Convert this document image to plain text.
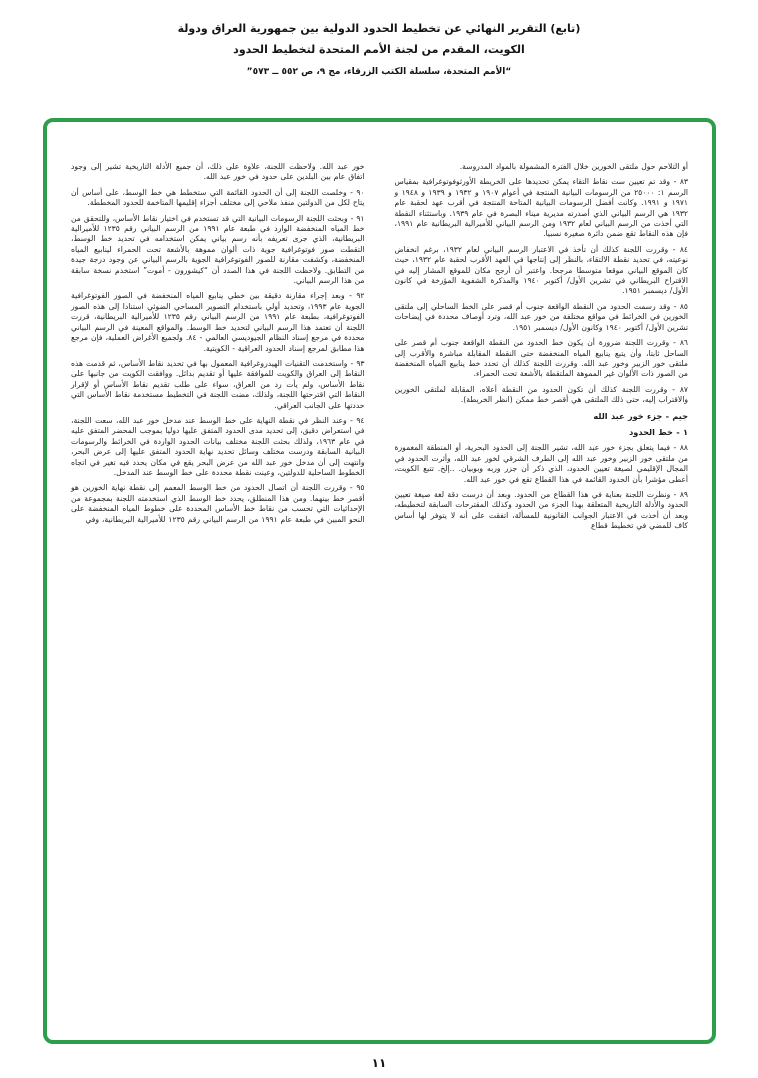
(تابع) التقرير النهائي عن تخطيط الحدود الدولية بين جمهورية العراق ودولة
الكويت، المقدم من لجنة الأمم المتحدة لتخطيط الحدود
“الأمم المتحدة، سلسلة الكتب الزرقاء، مج ٩، ص ٥٥٢ ــ ٥٧٣”

أو التلاحم حول ملتقى الخورين خلال الفترة المشمولة بالمواد المدروسة.

٨٣ - وقد تم تعيين ست نقاط التقاء يمكن تحديدها على الخريطة الأورثوفوتوغرافية بمقياس الرسم ١: ٢٥٠٠٠ من الرسومات البيانية المنتجة في أعوام ١٩٠٧ و ١٩٣٢ و ١٩٣٩ و ١٩٤٨ و ١٩٧١ و ١٩٩١. وكانت أفضل الرسومات البيانية المتاحة المنتجة في أقرب عهد لحقبة عام ١٩٣٢ هي الرسم البياني الذي أصدرته مديرية ميناء البصرة في عام ١٩٣٩. وباستثناء النقطة التي أخذت من الرسم البياني لعام ١٩٣٢ ومن الرسم البياني للأميرالية البريطانية عام ١٩٩١، فإن هذه النقاط تقع ضمن دائرة صغيرة نسبيا.

٨٤ - وقررت اللجنة كذلك أن تأخذ في الاعتبار الرسم البياني لعام ١٩٣٢، برغم انخفاض نوعيته، في تحديد نقطة الالتقاء، بالنظر إلى إنتاجها في العهد الأقرب لحقبة عام ١٩٣٢، حيث كان الموقع البياني موقعا متوسطا مرجحا. واعتبر أن أرجح مكان للموقع المشار إليه في الاقتراح البريطاني في تشرين الأول/ أكتوبر ١٩٤٠ والمذكرة الشفوية المؤرخة في كانون الأول/ ديسمبر ١٩٥١.

٨٥ - وقد رسمت الحدود من النقطة الواقعة جنوب أم قصر على الخط الساحلي إلى ملتقى الخورين في الخرائط في مواقع مختلفة من خور عبد الله، وترد أوصاف محددة في إيضاحات تشرين الأول/ أكتوبر ١٩٤٠ وكانون الأول/ ديسمبر ١٩٥١.

٨٦ - وقررت اللجنة ضرورة أن يكون خط الحدود من النقطة الواقعة جنوب أم قصر على الساحل ثابتا، وأن يتبع ينابيع المياه المنخفضة حتى النقطة المقابلة مباشرة والأقرب إلى ملتقى خور الزبير وخور عبد الله. وقررت اللجنة كذلك أن تحدد خط ينابيع المياه المنخفضة من الصور ذات الألوان غير المموهة الملتقطة بالأشعة تحت الحمراء.

٨٧ - وقررت اللجنة كذلك أن تكون الحدود من النقطة أعلاه، المقابلة لملتقى الخورين والاقتراب إليه، حتى ذلك الملتقى هي أقصر خط ممكن (انظر الخريطة).

جيم - جزء خور عبد الله

١ - خط الحدود

٨٨ - فيما يتعلق بجزء خور عبد الله، تشير اللجنة إلى الحدود البحرية، أو المنطقة المغمورة من ملتقى خور الزبير وخور عبد الله إلى الطرف الشرقي لخور عبد الله، وأثرت الحدود في المجال الإقليمي لصيغة تعيين الحدود، الذي ذكر أن جزر وربه وبوبيان. ..إلخ. تتبع الكويت، أعطى مؤشرا بأن الحدود القائمة في هذا القطاع تقع في خور عبد الله.

٨٩ - ونظرت اللجنة بعناية في هذا القطاع من الحدود. وبعد أن درست دقة لغة صيغة تعيين الحدود والأدلة التاريخية المتعلقة بهذا الجزء من الحدود وكذلك المقترحات السابقة لتخطيطه، وبعد أن أخذت في الاعتبار الجوانب القانونية للمسألة، اتفقت على أنه لا يتوفر لها أساس كاف للمضي في تخطيط قطاع

خور عبد الله. ولاحظت اللجنة، علاوة على ذلك، أن جميع الأدلة التاريخية تشير إلى وجود اتفاق عام بين البلدين على حدود في خور عبد الله.

٩٠ - وخلصت اللجنة إلى أن الحدود القائمة التي ستخطط هي خط الوسط، على أساس أن يتاح لكل من الدولتين منفذ ملاحي إلى مختلف أجزاء إقليمها المتاخمة للحدود المخططة.

٩١ - وبحثت اللجنة الرسومات البيانية التي قد تستخدم في اختيار نقاط الأساس، وللتحقق من خط المياه المنخفضة الوارد في طبعة عام ١٩٩١ من الرسم البياني رقم ١٢٣٥ للأميرالية البريطانية، الذي جرى تعريفه بأنه رسم بياني يمكن استخدامه في تحديد خط الوسط، التقطت صور فوتوغرافية جوية ذات ألوان مموهة بالأشعة تحت الحمراء لينابيع المياه المنخفضة، وكشفت مقارنة للصور الفوتوغرافية الجوية بالرسم البياني عن وجود درجة جيدة من التطابق. ولاحظت اللجنة في هذا الصدد أن “كيشورون - أموت” استخدم نسخة سابقة من هذا الرسم البياني.

٩٢ - وبعد إجراء مقارنة دقيقة بين خطي ينابيع المياه المنخفضة في الصور الفوتوغرافية الجوية عام ١٩٩٣، وتحديد أولي باستخدام التصوير المساحي الضوئي استنادا إلى هذه الصور الفوتوغرافية، بطبعة عام ١٩٩١ من الرسم البياني رقم ١٢٣٥ للأميرالية البريطانية، قررت اللجنة أن تعتمد هذا الرسم البياني لتحديد خط الوسط. والمواقع المعينة في الرسم البياني محددة في مرجع إسناد النظام الجيوديسي العالمي - ٨٤. ولجميع الأغراض العملية، فإن مرجع هذا مطابق لمرجع إسناد الحدود العراقية - الكويتية.

٩٣ - واستخدمت التقنيات الهيدروغرافية المعمول بها في تحديد نقاط الأساس، ثم قدمت هذه النقاط إلى العراق والكويت للموافقة عليها أو تقديم بدائل. ووافقت الكويت من جانبها على نقاط الأساس، ولم يأت رد من العراق، سواء على طلب تقديم نقاط الأساس أو لإقرار النقاط التي اقترحتها اللجنة، ولذلك، مضت اللجنة في التخطيط مستخدمة نقاط الأساس التي حددتها على الجانب العراقي.

٩٤ - وعند النظر في نقطة النهاية على خط الوسط عند مدخل خور عبد الله، سعت اللجنة، في استعراض دقيق، إلى تحديد مدى الحدود المتفق عليها دوليا بموجب المحضر المتفق عليه في عام ١٩٦٣، ولذلك بحثت اللجنة مختلف بيانات الحدود الواردة في الخرائط والرسومات البيانية السابقة ودرست مختلف وسائل تحديد نهاية الحدود المتفق عليها إلى عرض البحر، وانتهت إلى أن مدخل خور عبد الله من عرض البحر يقع في مكان يحدد فيه تغير في اتجاه الخطوط الساحلية للدولتين، وعينت نقطة محددة على خط الوسط عند المدخل.

٩٥ - وقررت اللجنة أن اتصال الحدود من خط الوسط المعمم إلى نقطة نهاية الخورين هو أقصر خط بينهما. ومن هذا المنطلق، يحدد خط الوسط الذي استخدمته اللجنة بمجموعة من الإحداثيات التي تحسب من نقاط خط الأساس المحددة على خطوط المياه المنخفضة على النحو المبين في طبعة عام ١٩٩١ من الرسم البياني رقم ١٢٣٥ للأميرالية البريطانية، وفي

١١
